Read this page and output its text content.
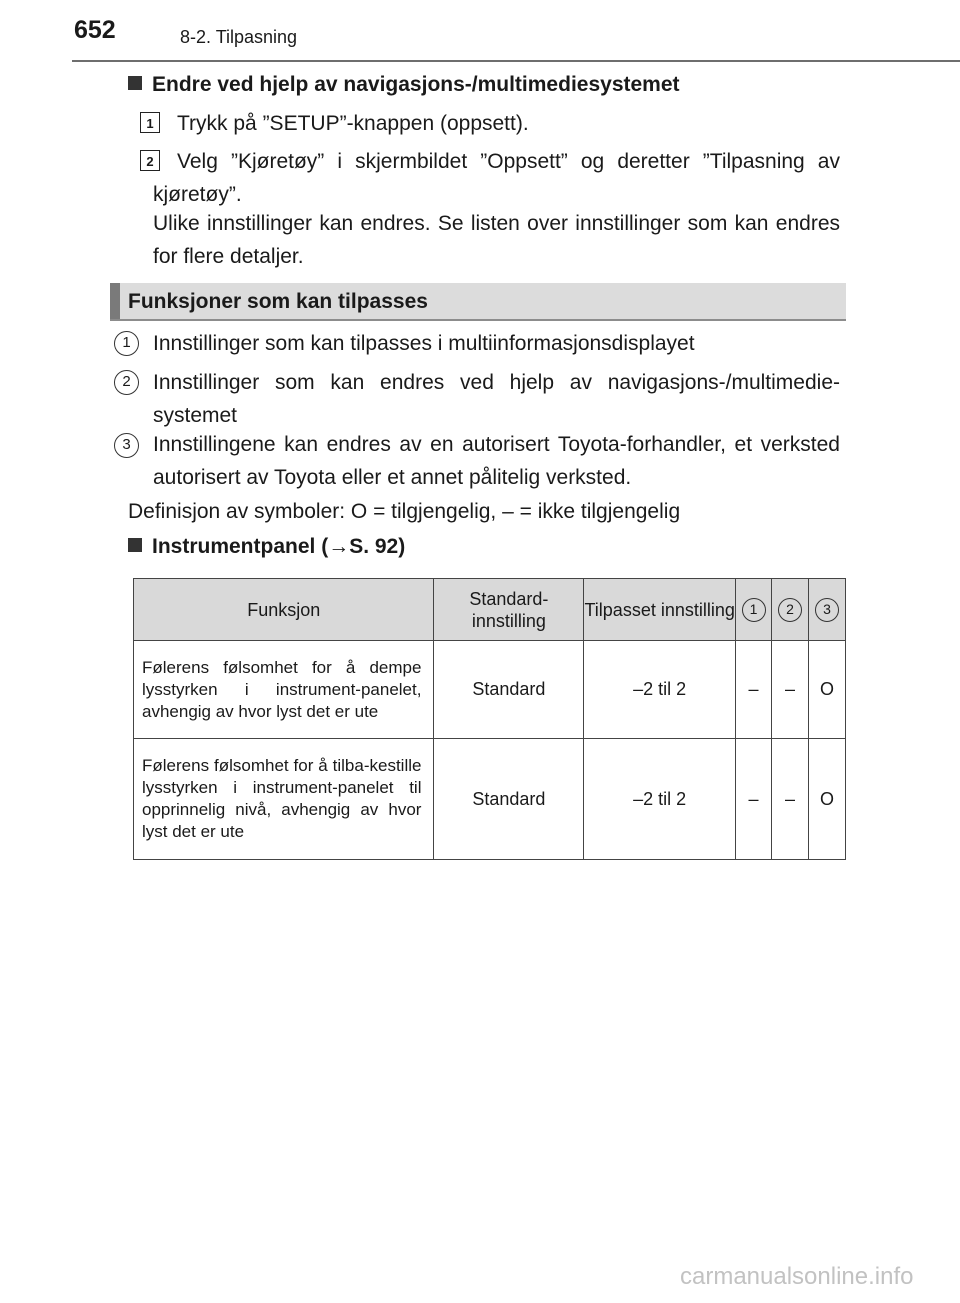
652	8-2. Tilpasning
Endre ved hjelp av navigasjons-/multimediesystemet
1	Trykk på ”SETUP”-knappen (oppsett).
2	Velg ”Kjøretøy” i skjermbildet ”Oppsett” og deretter ”Tilpasning av kjøretøy”.
Ulike innstillinger kan endres. Se listen over innstillinger som kan endres for flere detaljer.
Funksjoner som kan tilpasses
1	Innstillinger som kan tilpasses i multiinformasjonsdisplayet
2	Innstillinger som kan endres ved hjelp av navigasjons-/multimedie-systemet
3	Innstillingene kan endres av en autorisert Toyota-forhandler, et verksted autorisert av Toyota eller et annet pålitelig verksted.
Definisjon av symboler: O = tilgjengelig, – = ikke tilgjengelig
Instrumentpanel (→S. 92)
Funksjon	Standard-innstilling	Tilpasset innstilling	1	2	3
Følerens følsomhet for å dempe lysstyrken i instrument-panelet, avhengig av hvor lyst det er ute	Standard	–2 til 2	–	–	O
Følerens følsomhet for å tilba-kestille lysstyrken i instrument-panelet til opprinnelig nivå, avhengig av hvor lyst det er ute	Standard	–2 til 2	–	–	O
carmanualsonline.info
